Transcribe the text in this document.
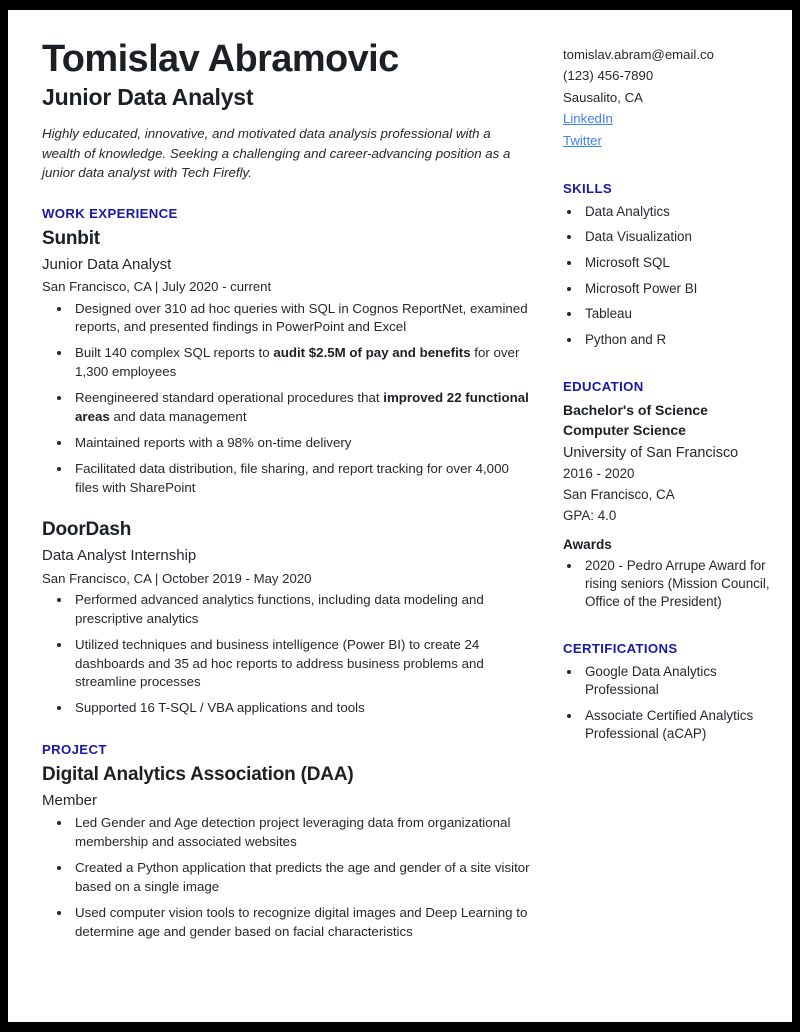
Tomislav Abramovic
Junior Data Analyst

Highly educated, innovative, and motivated data analysis professional with a wealth of knowledge. Seeking a challenging and career-advancing position as a junior data analyst with Tech Firefly.

WORK EXPERIENCE
Sunbit
Junior Data Analyst
San Francisco, CA | July 2020 - current
• Designed over 310 ad hoc queries with SQL in Cognos ReportNet, examined reports, and presented findings in PowerPoint and Excel
• Built 140 complex SQL reports to audit $2.5M of pay and benefits for over 1,300 employees
• Reengineered standard operational procedures that improved 22 functional areas and data management
• Maintained reports with a 98% on-time delivery
• Facilitated data distribution, file sharing, and report tracking for over 4,000 files with SharePoint
DoorDash
Data Analyst Internship
San Francisco, CA | October 2019 - May 2020
• Performed advanced analytics functions, including data modeling and prescriptive analytics
• Utilized techniques and business intelligence (Power BI) to create 24 dashboards and 35 ad hoc reports to address business problems and streamline processes
• Supported 16 T-SQL / VBA applications and tools
PROJECT
Digital Analytics Association (DAA)
Member
• Led Gender and Age detection project leveraging data from organizational membership and associated websites
• Created a Python application that predicts the age and gender of a site visitor based on a single image
• Used computer vision tools to recognize digital images and Deep Learning to determine age and gender based on facial characteristics
tomislav.abram@email.co
(123) 456-7890
Sausalito, CA
LinkedIn
Twitter
SKILLS
• Data Analytics
• Data Visualization
• Microsoft SQL
• Microsoft Power BI
• Tableau
• Python and R
EDUCATION
Bachelor's of Science
Computer Science
University of San Francisco
2016 - 2020
San Francisco, CA
GPA: 4.0
Awards
• 2020 - Pedro Arrupe Award for rising seniors (Mission Council, Office of the President)
CERTIFICATIONS
• Google Data Analytics Professional
• Associate Certified Analytics Professional (aCAP)
